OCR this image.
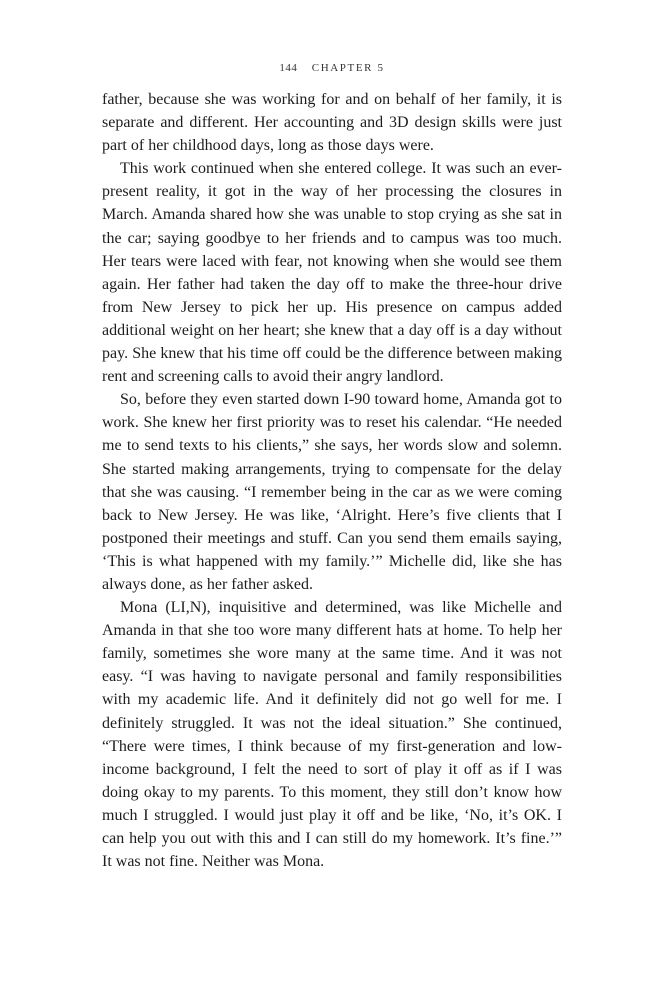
144 CHAPTER 5

father, because she was working for and on behalf of her family, it is separate and different. Her accounting and 3D design skills were just part of her childhood days, long as those days were.

This work continued when she entered college. It was such an ever-present reality, it got in the way of her processing the closures in March. Amanda shared how she was unable to stop crying as she sat in the car; saying goodbye to her friends and to campus was too much. Her tears were laced with fear, not knowing when she would see them again. Her father had taken the day off to make the three-hour drive from New Jersey to pick her up. His presence on campus added additional weight on her heart; she knew that a day off is a day without pay. She knew that his time off could be the difference between making rent and screening calls to avoid their angry landlord.

So, before they even started down I-90 toward home, Amanda got to work. She knew her first priority was to reset his calendar. “He needed me to send texts to his clients,” she says, her words slow and solemn. She started making arrangements, trying to compensate for the delay that she was causing. “I remember being in the car as we were coming back to New Jersey. He was like, ‘Alright. Here’s five clients that I postponed their meetings and stuff. Can you send them emails saying, ‘This is what happened with my family.’” Michelle did, like she has always done, as her father asked.

Mona (LI,N), inquisitive and determined, was like Michelle and Amanda in that she too wore many different hats at home. To help her family, sometimes she wore many at the same time. And it was not easy. “I was having to navigate personal and family responsibilities with my academic life. And it definitely did not go well for me. I definitely struggled. It was not the ideal situation.” She continued, “There were times, I think because of my first-generation and low-income background, I felt the need to sort of play it off as if I was doing okay to my parents. To this moment, they still don’t know how much I struggled. I would just play it off and be like, ‘No, it’s OK. I can help you out with this and I can still do my homework. It’s fine.’” It was not fine. Neither was Mona.
